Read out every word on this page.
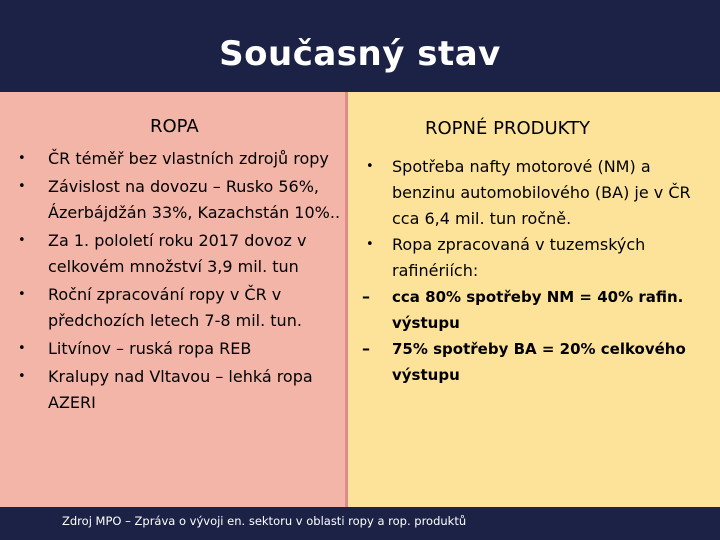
Současný stav
ROPA	ROPNÉ PRODUKTY
• ČR téměř bez vlastních zdrojů ropy
• Závislost na dovozu – Rusko 56%, Ázerbájdžán 33%, Kazachstán 10%..
• Za 1. pololetí roku 2017 dovoz v celkovém množství 3,9 mil. tun
• Roční zpracování ropy v ČR v předchozích letech 7-8 mil. tun.
• Litvínov – ruská ropa REB
• Kralupy nad Vltavou – lehká ropa AZERI
• Spotřeba nafty motorové (NM) a benzinu automobilového (BA) je v ČR cca 6,4 mil. tun ročně.
• Ropa zpracovaná v tuzemských rafinériích:
– cca 80% spotřeby NM = 40% rafin. výstupu
– 75% spotřeby BA = 20% celkového výstupu
Zdroj MPO – Zpráva o vývoji en. sektoru v oblasti ropy a rop. produktů
